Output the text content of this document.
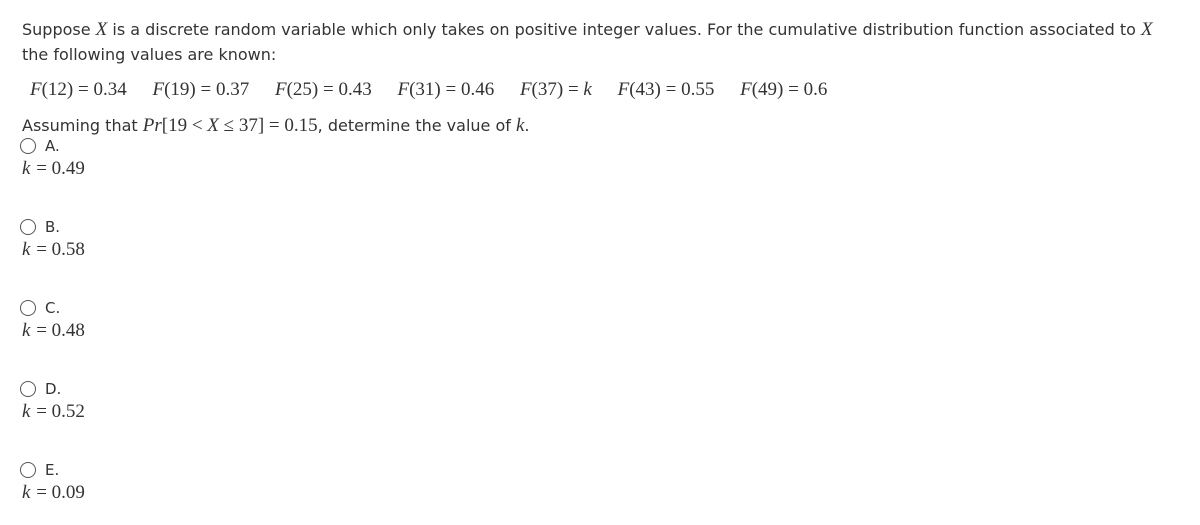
Suppose X is a discrete random variable which only takes on positive integer values. For the cumulative distribution function associated to X the following values are known:

F(12) = 0.34 F(19) = 0.37 F(25) = 0.43 F(31) = 0.46 F(37) = k F(43) = 0.55 F(49) = 0.6
Assuming that Pr[19 < X ≤ 37] = 0.15, determine the value of k.
A.
k = 0.49
B.
k = 0.58
C.
k = 0.48
D.
k = 0.52
E.
k = 0.09
